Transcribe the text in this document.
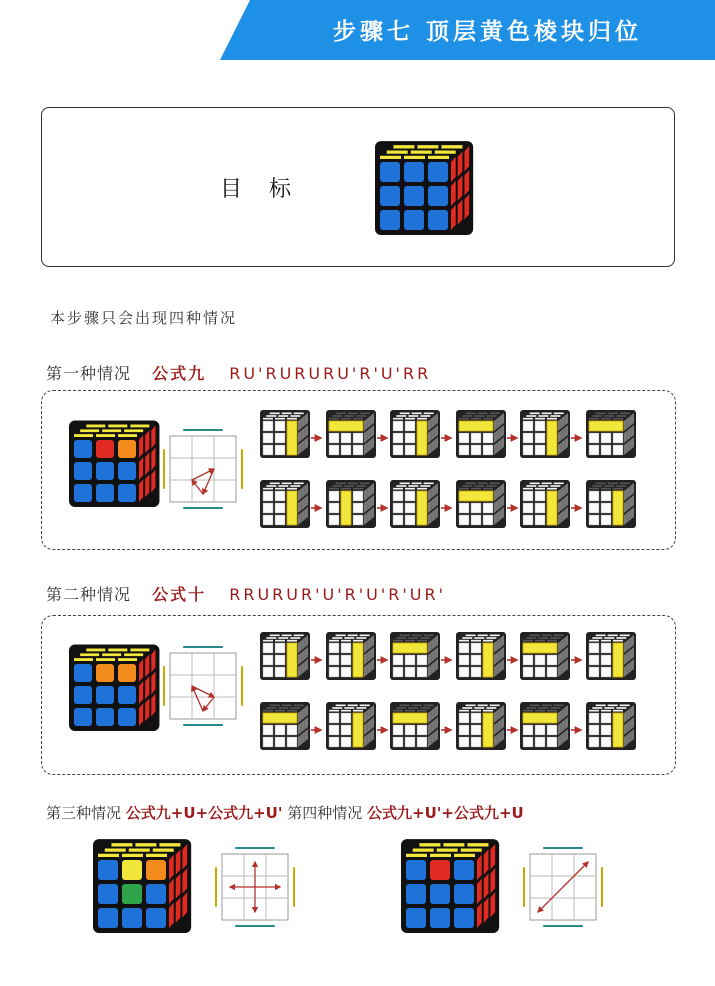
步骤七 顶层黄色棱块归位
目 标
本步骤只会出现四种情况
第一种情况 公式九 RU'RURURU'R'U'RR
第二种情况 公式十 RRURUR'U'R'U'R'UR'
第三种情况 公式九+U+公式九+U' 第四种情况 公式九+U'+公式九+U
